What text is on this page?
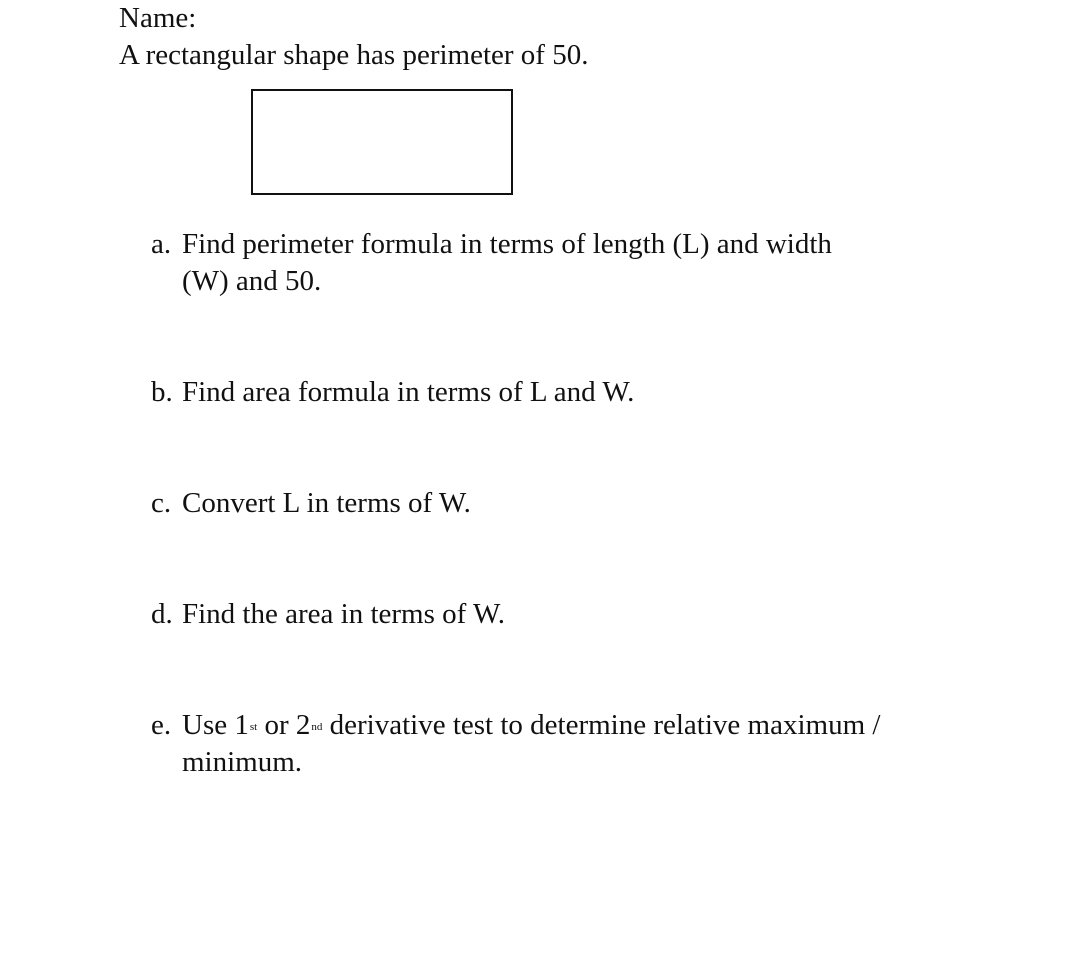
Name:
A rectangular shape has perimeter of 50.
a. Find perimeter formula in terms of length (L) and width
(W) and 50.
b. Find area formula in terms of L and W.
c. Convert L in terms of W.
d. Find the area in terms of W.
e. Use 1st or 2nd derivative test to determine relative maximum /
minimum.
